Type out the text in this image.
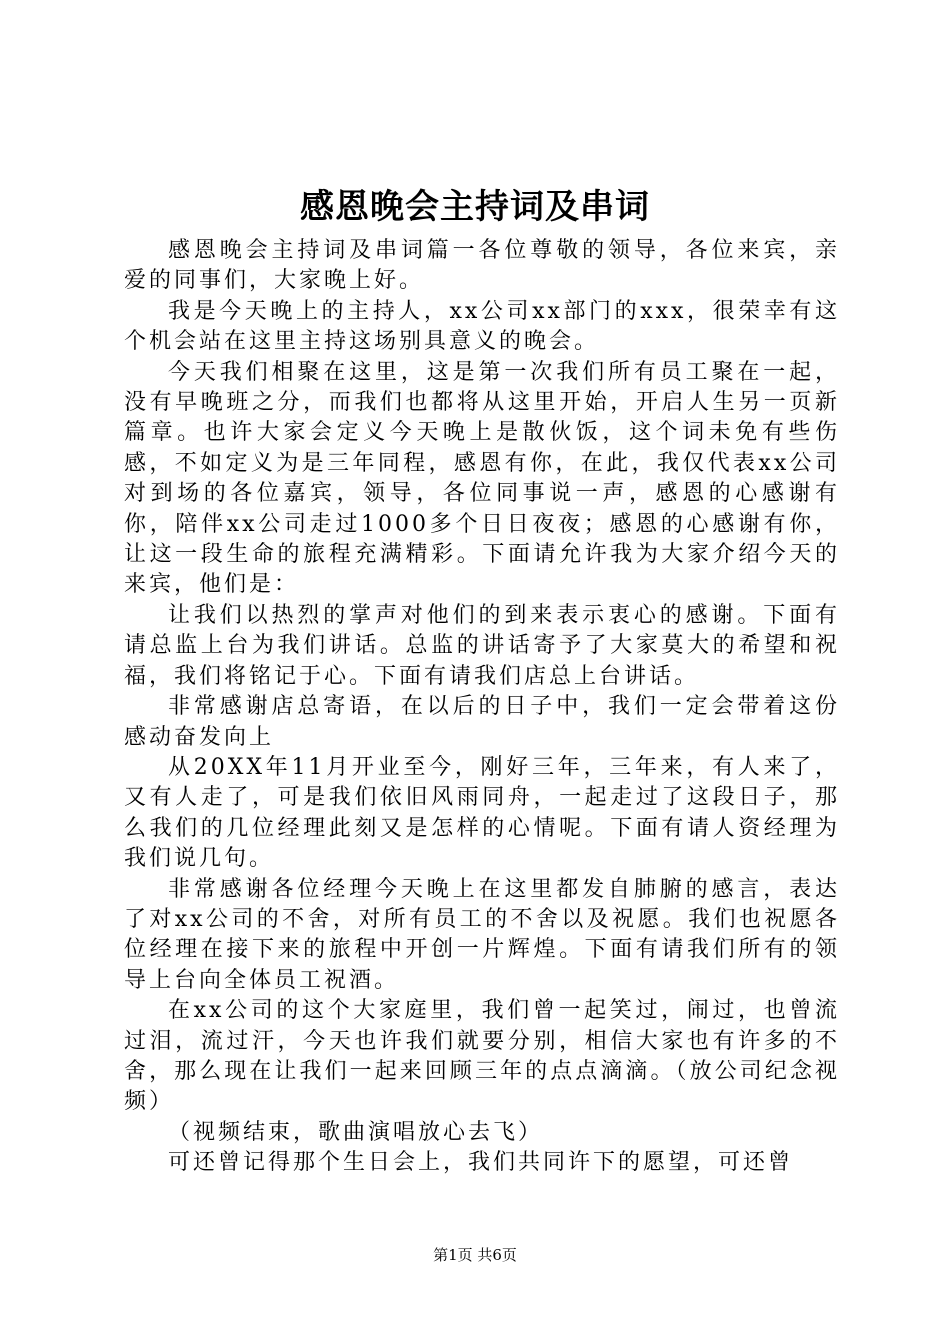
感恩晚会主持词及串词

感恩晚会主持词及串词篇一各位尊敬的领导，各位来宾，亲爱的同事们，大家晚上好。

我是今天晚上的主持人，xx公司xx部门的xxx，很荣幸有这个机会站在这里主持这场别具意义的晚会。

今天我们相聚在这里，这是第一次我们所有员工聚在一起，没有早晚班之分，而我们也都将从这里开始，开启人生另一页新篇章。也许大家会定义今天晚上是散伙饭，这个词未免有些伤感，不如定义为是三年同程，感恩有你，在此，我仅代表xx公司对到场的各位嘉宾，领导，各位同事说一声，感恩的心感谢有你，陪伴xx公司走过1000多个日日夜夜；感恩的心感谢有你，让这一段生命的旅程充满精彩。下面请允许我为大家介绍今天的来宾，他们是：

让我们以热烈的掌声对他们的到来表示衷心的感谢。下面有请总监上台为我们讲话。总监的讲话寄予了大家莫大的希望和祝福，我们将铭记于心。下面有请我们店总上台讲话。

非常感谢店总寄语，在以后的日子中，我们一定会带着这份感动奋发向上

从20XX年11月开业至今，刚好三年，三年来，有人来了，又有人走了，可是我们依旧风雨同舟，一起走过了这段日子，那么我们的几位经理此刻又是怎样的心情呢。下面有请人资经理为我们说几句。

非常感谢各位经理今天晚上在这里都发自肺腑的感言，表达了对xx公司的不舍，对所有员工的不舍以及祝愿。我们也祝愿各位经理在接下来的旅程中开创一片辉煌。下面有请我们所有的领导上台向全体员工祝酒。

在xx公司的这个大家庭里，我们曾一起笑过，闹过，也曾流过泪，流过汗，今天也许我们就要分别，相信大家也有许多的不舍，那么现在让我们一起来回顾三年的点点滴滴。（放公司纪念视频）

（视频结束，歌曲演唱放心去飞）

可还曾记得那个生日会上，我们共同许下的愿望，可还曾

第1页 共6页
